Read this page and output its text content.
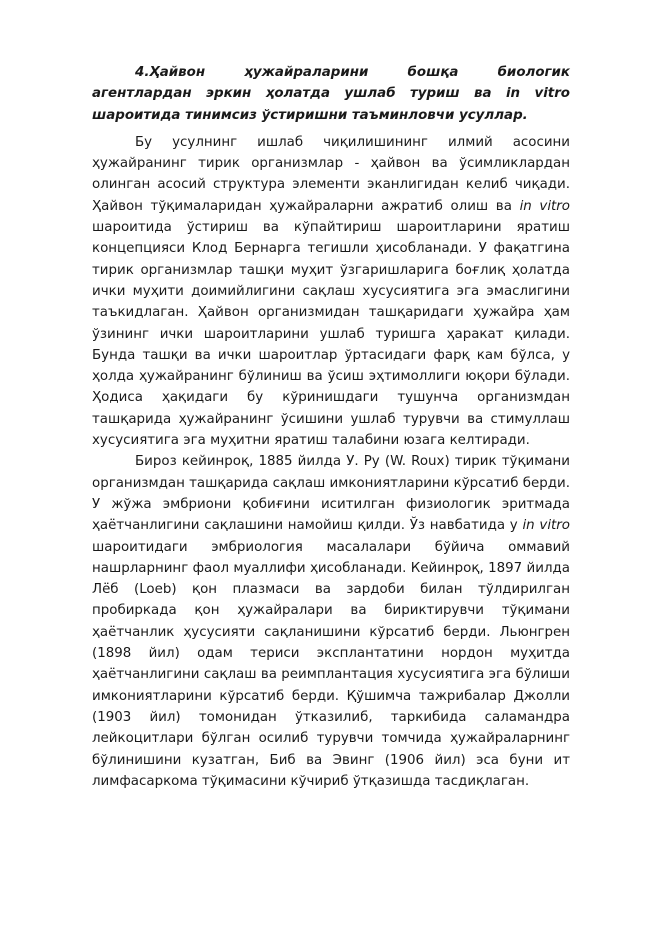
4.Ҳайвон ҳужайраларини бошқа биологик агентлардан эркин ҳолатда ушлаб туриш ва in vitro шароитида тинимсиз ўстиришни таъминловчи усуллар.

Бу усулнинг ишлаб чиқилишининг илмий асосини ҳужайранинг тирик организмлар - ҳайвон ва ўсимликлардан олинган асосий структура элементи эканлигидан келиб чиқади. Ҳайвон тўқималаридан ҳужайраларни ажратиб олиш ва in vitro шароитида ўстириш ва кўпайтириш шароитларини яратиш концепцияси Клод Бернарга тегишли ҳисобланади. У фақатгина тирик организмлар ташқи муҳит ўзгаришларига боғлиқ ҳолатда ички муҳити доимийлигини сақлаш хусусиятига эга эмаслигини таъкидлаган. Ҳайвон организмидан ташқаридаги ҳужайра ҳам ўзининг ички шароитларини ушлаб туришга ҳаракат қилади. Бунда ташқи ва ички шароитлар ўртасидаги фарқ кам бўлса, у ҳолда ҳужайранинг бўлиниш ва ўсиш эҳтимоллиги юқори бўлади. Ҳодиса ҳақидаги бу кўринишдаги тушунча организмдан ташқарида ҳужайранинг ўсишини ушлаб турувчи ва стимуллаш хусусиятига эга муҳитни яратиш талабини юзага келтиради.

Бироз кейинроқ, 1885 йилда У. Ру (W. Roux) тирик тўқимани организмдан ташқарида сақлаш имкониятларини кўрсатиб берди. У жўжа эмбриони қобиғини иситилган физиологик эритмада ҳаётчанлигини сақлашини намойиш қилди. Ўз навбатида у in vitro шароитидаги эмбриология масалалари бўйича оммавий нашрларнинг фаол муаллифи ҳисобланади. Кейинроқ, 1897 йилда Лёб (Loeb) қон плазмаси ва зардоби билан тўлдирилган пробиркада қон ҳужайралари ва бириктирувчи тўқимани ҳаётчанлик ҳусусияти сақланишини кўрсатиб берди. Льюнгрен (1898 йил) одам териси эксплантатини нордон муҳитда ҳаётчанлигини сақлаш ва реимплантация хусусиятига эга бўлиши имкониятларини кўрсатиб берди. Қўшимча тажрибалар Джолли (1903 йил) томонидан ўтказилиб, таркибида саламандра лейкоцитлари бўлган осилиб турувчи томчида ҳужайраларнинг бўлинишини кузатган, Биб ва Эвинг (1906 йил) эса буни ит лимфасаркома тўқимасини кўчириб ўтқазишда тасдиқлаган.
